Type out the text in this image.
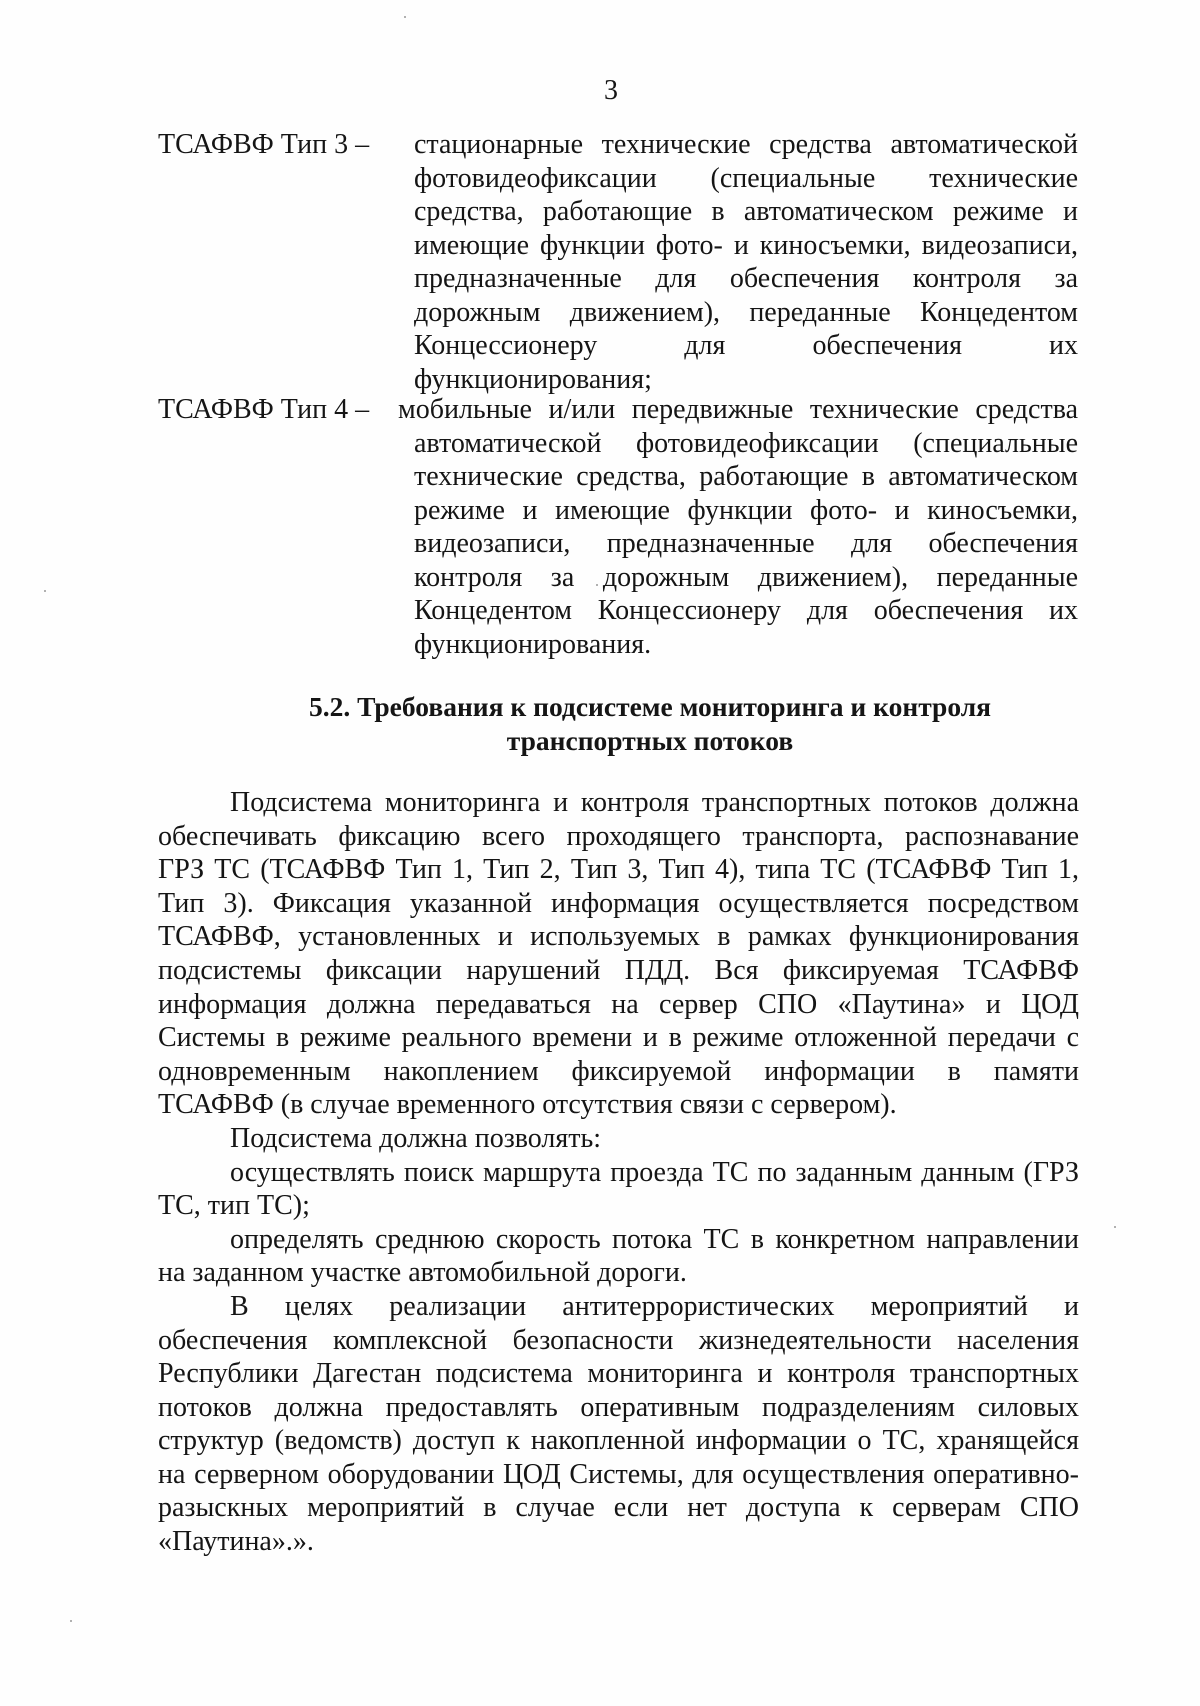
3
ТСАФВФ Тип 3 –	стационарные технические средства автоматической
фотовидеофиксации (специальные технические
средства, работающие в автоматическом режиме и
имеющие функции фото- и киносъемки, видеозаписи,
предназначенные для обеспечения контроля за
дорожным движением), переданные Концедентом
Концессионеру для обеспечения их
функционирования;
ТСАФВФ Тип 4 –	мобильные и/или передвижные технические средства
автоматической фотовидеофиксации (специальные
технические средства, работающие в автоматическом
режиме и имеющие функции фото- и киносъемки,
видеозаписи, предназначенные для обеспечения
контроля за дорожным движением), переданные
Концедентом Концессионеру для обеспечения их
функционирования.
5.2. Требования к подсистеме мониторинга и контроля
транспортных потоков
Подсистема мониторинга и контроля транспортных потоков должна
обеспечивать фиксацию всего проходящего транспорта, распознавание
ГРЗ ТС (ТСАФВФ Тип 1, Тип 2, Тип 3, Тип 4), типа ТС (ТСАФВФ Тип 1,
Тип 3). Фиксация указанной информация осуществляется посредством
ТСАФВФ, установленных и используемых в рамках функционирования
подсистемы фиксации нарушений ПДД. Вся фиксируемая ТСАФВФ
информация должна передаваться на сервер СПО «Паутина» и ЦОД
Системы в режиме реального времени и в режиме отложенной передачи с
одновременным накоплением фиксируемой информации в памяти
ТСАФВФ (в случае временного отсутствия связи с сервером).
Подсистема должна позволять:
осуществлять поиск маршрута проезда ТС по заданным данным (ГРЗ
ТС, тип ТС);
определять среднюю скорость потока ТС в конкретном направлении
на заданном участке автомобильной дороги.
В целях реализации антитеррористических мероприятий и
обеспечения комплексной безопасности жизнедеятельности населения
Республики Дагестан подсистема мониторинга и контроля транспортных
потоков должна предоставлять оперативным подразделениям силовых
структур (ведомств) доступ к накопленной информации о ТС, хранящейся
на серверном оборудовании ЦОД Системы, для осуществления оперативно-
разыскных мероприятий в случае если нет доступа к серверам СПО
«Паутина».».
